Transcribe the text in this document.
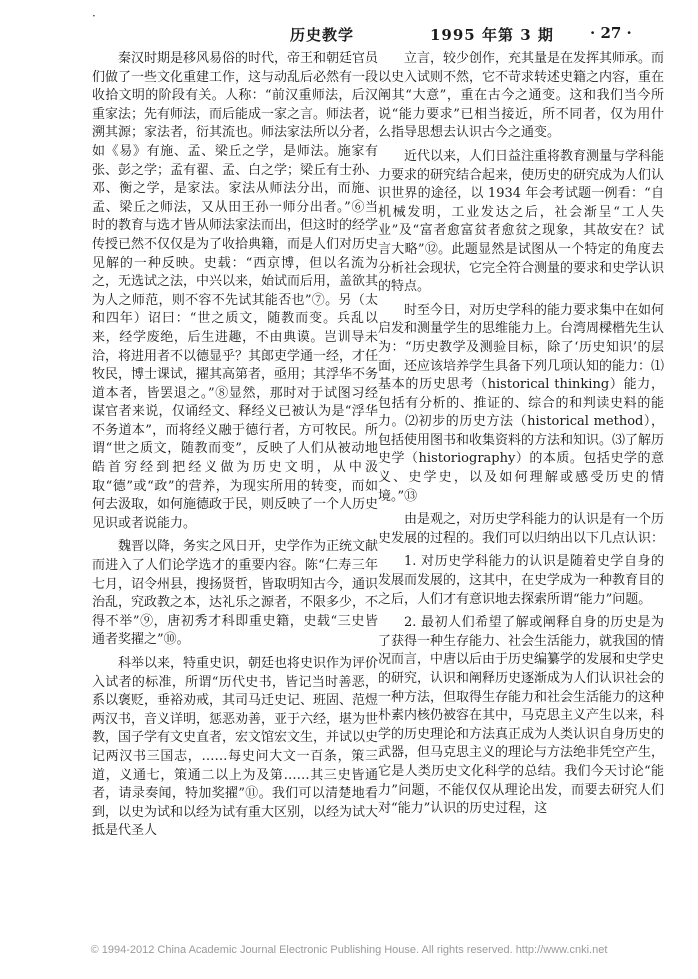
·
历史教学	1995 年第 3 期 · 27 ·

秦汉时期是移风易俗的时代，帝王和朝廷官员们做了一些文化重建工作，这与动乱后必然有一段收拾文明的阶段有关。人称：“前汉重师法，后汉重家法；先有师法，而后能成一家之言。师法者，溯其源；家法者，衍其流也。师法家法所以分者，如《易》有施、孟、梁丘之学，是师法。施家有张、彭之学；孟有翟、孟、白之学；梁丘有士孙、邓、衡之学，是家法。家法从师法分出，而施、孟、梁丘之师法，又从田王孙一师分出者。”⑥当时的教育与选才皆从师法家法而出，但这时的经学传授已然不仅仅是为了收拾典籍，而是人们对历史见解的一种反映。史载：“西京博，但以名流为之，无选试之法，中兴以来，始试而后用，盖欲其为人之师范，则不容不先试其能否也”⑦。另（太和四年）诏曰：“世之质文，随教而变。兵乱以来，经学废绝，后生进趣，不由典谟。岂训导未洽，将进用者不以德显乎？其郎吏学通一经，才任牧民，博士课试，擢其高第者，亟用；其浮华不务道本者，皆罢退之。”⑧显然，那时对于试图习经谋官者来说，仅诵经文、释经义已被认为是“浮华不务道本”，而将经义融于德行者，方可牧民。所谓“世之质文，随教而变”，反映了人们从被动地皓首穷经到把经义做为历史文明，从中汲取“德”或“政”的营养，为现实所用的转变，而如何去汲取，如何施德政于民，则反映了一个人历史见识或者说能力。

魏晋以降，务实之风日开，史学作为正统文献而进入了人们论学选才的重要内容。陈“仁寿三年七月，诏令州县，搜扬贤哲，皆取明知古今，通识治乱，究政教之本，达礼乐之源者，不限多少，不得不举”⑨，唐初秀才科即重史籍，史载“三史皆通者奖擢之”⑩。

科举以来，特重史识，朝廷也将史识作为评价入试者的标准，所谓“历代史书，皆记当时善恶，系以褒贬，垂裕劝戒，其司马迁史记、班固、范煜两汉书，音义详明，惩恶劝善，亚于六经，堪为世教，国子学有文史直者，宏文馆宏文生，并试以史记两汉书三国志，……每史问大文一百条，策三道，义通七，策通二以上为及第……其三史皆通者，请录奏闻，特加奖擢”⑪。我们可以清楚地看到，以史为试和以经为试有重大区别，以经为试大抵是代圣人

立言，较少创作，充其量是在发挥其师承。而以史入试则不然，它不苛求转述史籍之内容，重在阐其“大意”，重在古今之通变。这和我们当今所说“能力要求”已相当接近，所不同者，仅为用什么指导思想去认识古今之通变。

近代以来，人们日益注重将教育测量与学科能力要求的研究结合起来，使历史的研究成为人们认识世界的途径，以 1934 年会考试题一例看：“自机械发明，工业发达之后，社会渐呈“工人失业”及“富者愈富贫者愈贫之现象，其故安在？试言大略”⑫。此题显然是试图从一个特定的角度去分析社会现状，它完全符合测量的要求和史学认识的特点。

时至今日，对历史学科的能力要求集中在如何启发和测量学生的思维能力上。台湾周樑楷先生认为：“历史教学及测验目标，除了‘历史知识’的层面，还应该培养学生具备下列几项认知的能力：⑴基本的历史思考（historical thinking）能力，包括有分析的、推证的、综合的和判读史料的能力。⑵初步的历史方法（historical method），包括使用图书和收集资料的方法和知识。⑶了解历史学（historiography）的本质。包括史学的意义、史学史，以及如何理解或感受历史的情境。”⑬

由是观之，对历史学科能力的认识是有一个历史发展的过程的。我们可以归纳出以下几点认识：

1. 对历史学科能力的认识是随着史学自身的发展而发展的，这其中，在史学成为一种教育目的之后，人们才有意识地去探索所谓“能力”问题。

2. 最初人们希望了解或阐释自身的历史是为了获得一种生存能力、社会生活能力，就我国的情况而言，中唐以后由于历史编纂学的发展和史学史的研究，认识和阐释历史逐渐成为人们认识社会的一种方法，但取得生存能力和社会生活能力的这种朴素内核仍被容在其中，马克思主义产生以来，科学的历史理论和方法真正成为人类认识自身历史的武器，但马克思主义的理论与方法绝非凭空产生，它是人类历史文化科学的总结。我们今天讨论“能力”问题，不能仅仅从理论出发，而要去研究人们对“能力”认识的历史过程，这

© 1994-2012 China Academic Journal Electronic Publishing House. All rights reserved. http://www.cnki.net
